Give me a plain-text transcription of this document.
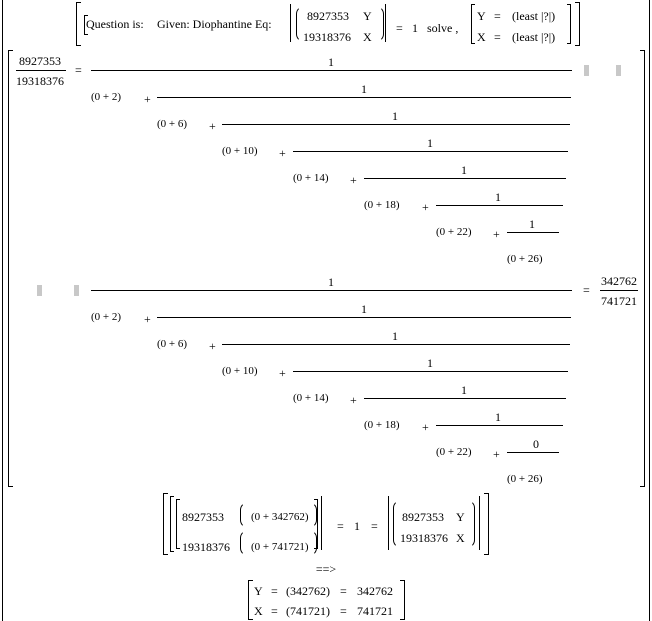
Question is: Given: Diophantine Eq:
8927353 Y
19318376 X
= 1 solve ,
Y = (least |?|)
X = (least |?|)
8927353
19318376
=
1
(0 + 2) +
1
(0 + 6) +
1
(0 + 10) +
1
(0 + 14) +
1
(0 + 18) +
1
(0 + 22) +
1
(0 + 26)
1
(0 + 2) +
1
(0 + 6) +
1
(0 + 10) +
1
(0 + 14) +
1
(0 + 18) +
1
(0 + 22) +
0
(0 + 26)
=
342762
741721
8927353 (0 + 342762)
19318376 (0 + 741721)
= 1 =
8927353 Y
19318376 X
==>
Y = (342762) = 342762
X = (741721) = 741721
